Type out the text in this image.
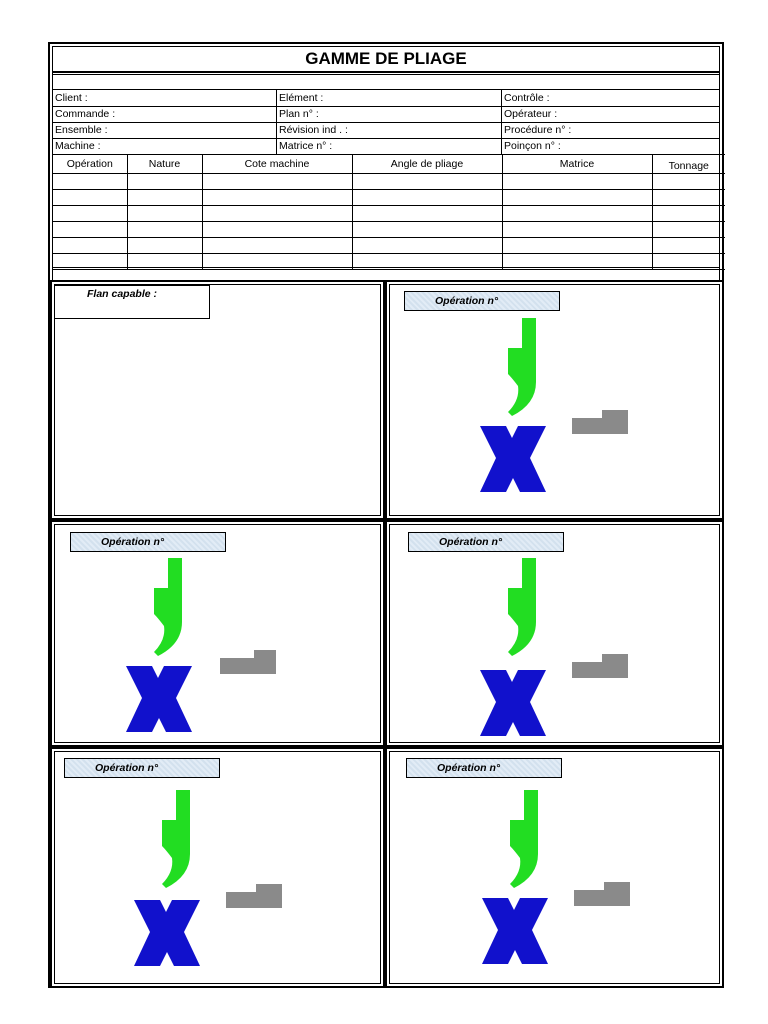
GAMME DE PLIAGE
Client :	Elément :	Contrôle :
Commande :	Plan n° :	Opérateur :
Ensemble :	Révision ind . :	Procédure n° :
Machine :	Matrice n° :	Poinçon n° :
Opération	Nature	Cote machine	Angle de pliage	Matrice	Tonnage

Flan capable :
Opération n°
Opération n°	Opération n°
Opération n°	Opération n°
